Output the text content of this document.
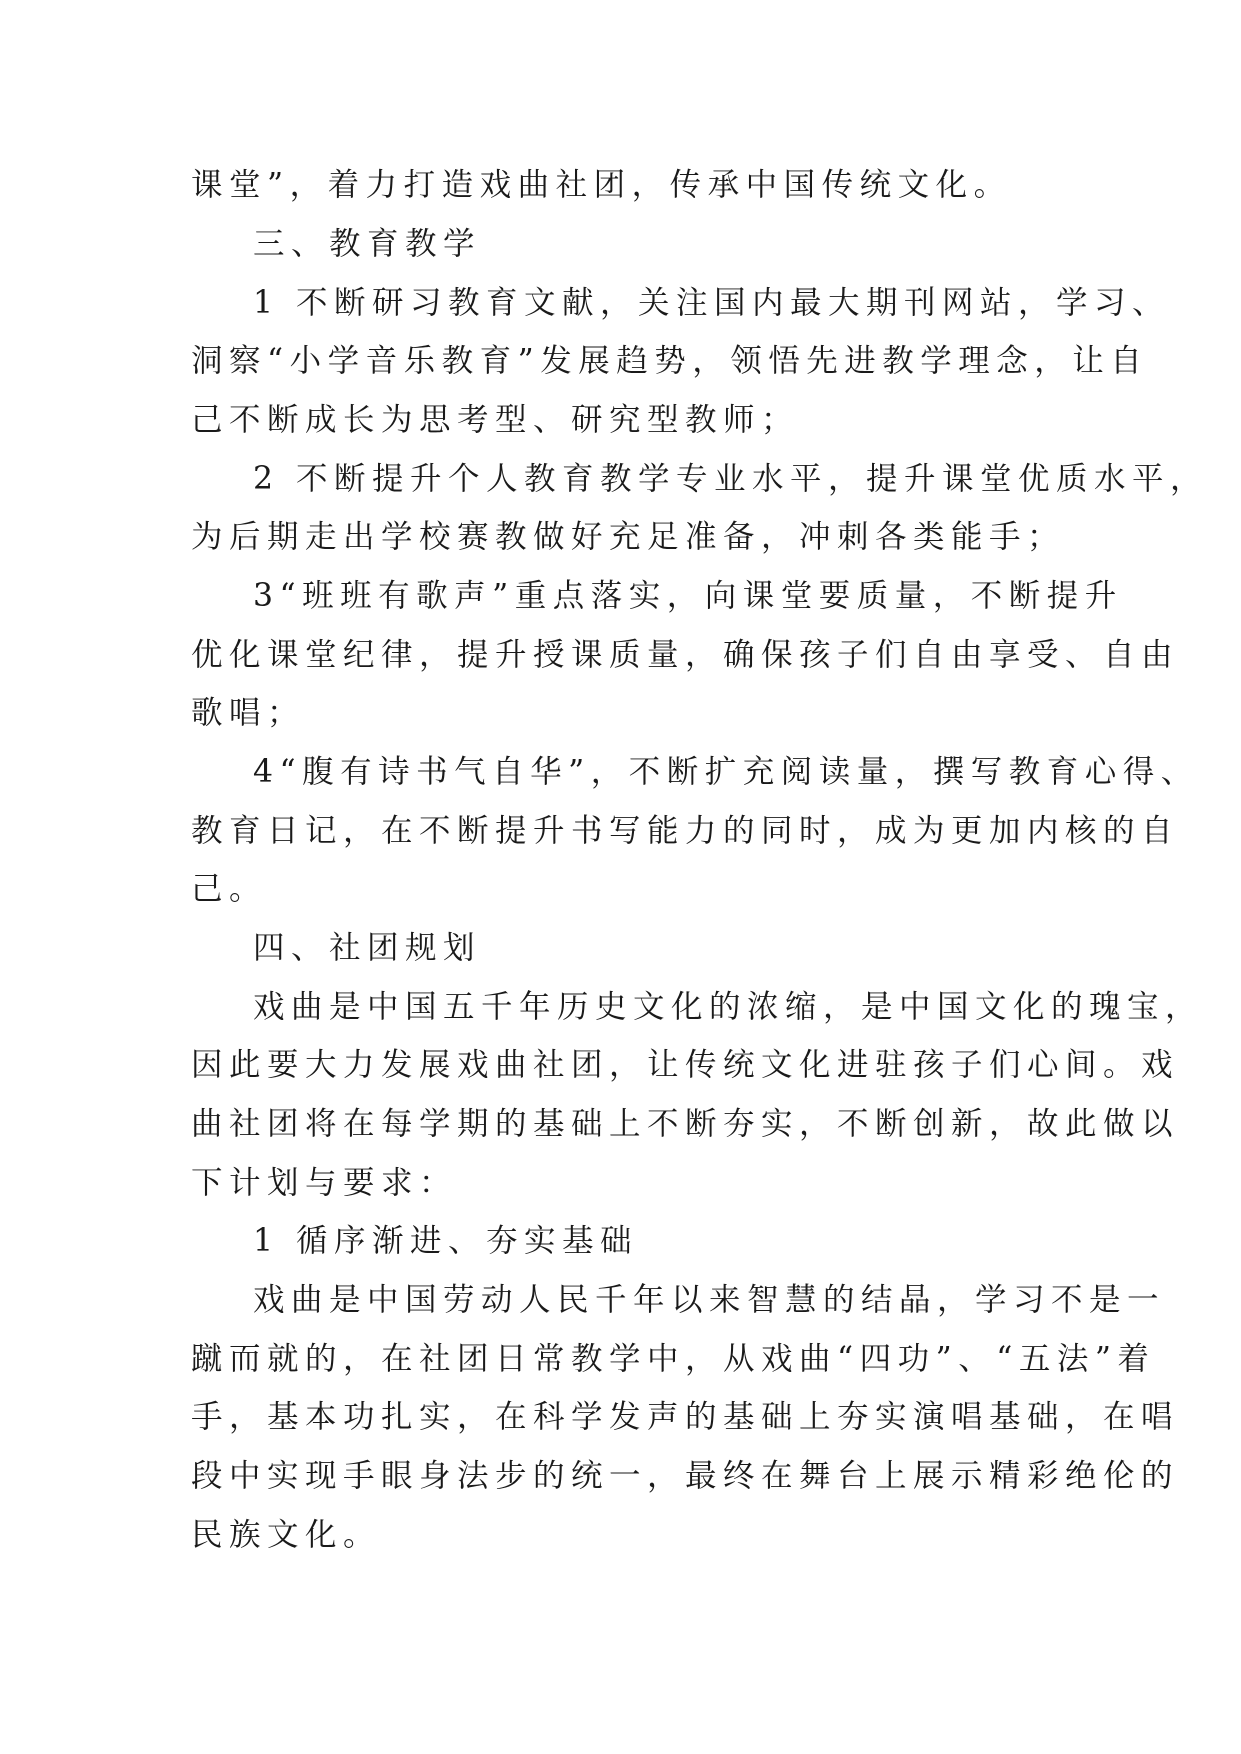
课堂”，着力打造戏曲社团，传承中国传统文化。
三、教育教学
1 不断研习教育文献，关注国内最大期刊网站，学习、
洞察“小学音乐教育”发展趋势，领悟先进教学理念，让自
己不断成长为思考型、研究型教师；
2 不断提升个人教育教学专业水平，提升课堂优质水平，
为后期走出学校赛教做好充足准备，冲刺各类能手；
3“班班有歌声”重点落实，向课堂要质量，不断提升
优化课堂纪律，提升授课质量，确保孩子们自由享受、自由
歌唱；
4“腹有诗书气自华”，不断扩充阅读量，撰写教育心得、
教育日记，在不断提升书写能力的同时，成为更加内核的自
己。
四、社团规划
戏曲是中国五千年历史文化的浓缩，是中国文化的瑰宝，
因此要大力发展戏曲社团，让传统文化进驻孩子们心间。戏
曲社团将在每学期的基础上不断夯实，不断创新，故此做以
下计划与要求：
1 循序渐进、夯实基础
戏曲是中国劳动人民千年以来智慧的结晶，学习不是一
蹴而就的，在社团日常教学中，从戏曲“四功”、“五法”着
手，基本功扎实，在科学发声的基础上夯实演唱基础，在唱
段中实现手眼身法步的统一，最终在舞台上展示精彩绝伦的
民族文化。
